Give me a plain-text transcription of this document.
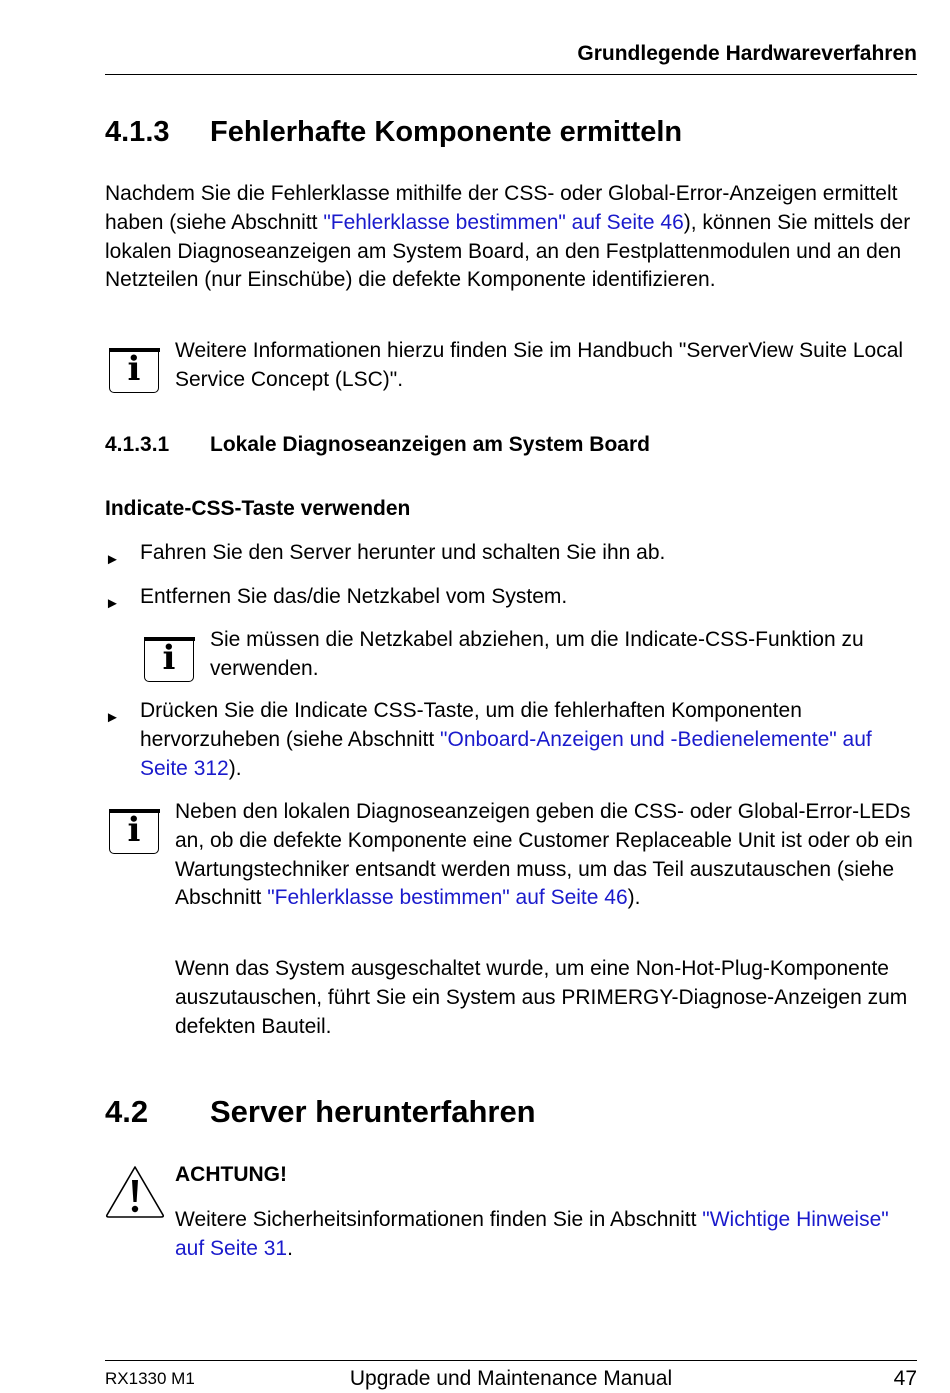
Grundlegende Hardwareverfahren
4.1.3 Fehlerhafte Komponente ermitteln
Nachdem Sie die Fehlerklasse mithilfe der CSS- oder Global-Error-Anzeigen ermittelt haben (siehe Abschnitt "Fehlerklasse bestimmen" auf Seite 46), können Sie mittels der lokalen Diagnoseanzeigen am System Board, an den Festplattenmodulen und an den Netzteilen (nur Einschübe) die defekte Komponente identifizieren.
i	Weitere Informationen hierzu finden Sie im Handbuch "ServerView Suite Local Service Concept (LSC)".
4.1.3.1 Lokale Diagnoseanzeigen am System Board
Indicate-CSS-Taste verwenden
► Fahren Sie den Server herunter und schalten Sie ihn ab.
► Entfernen Sie das/die Netzkabel vom System.
i	Sie müssen die Netzkabel abziehen, um die Indicate-CSS-Funktion zu verwenden.
► Drücken Sie die Indicate CSS-Taste, um die fehlerhaften Komponenten hervorzuheben (siehe Abschnitt "Onboard-Anzeigen und -Bedienelemente" auf Seite 312).
i	Neben den lokalen Diagnoseanzeigen geben die CSS- oder Global-Error-LEDs an, ob die defekte Komponente eine Customer Replaceable Unit ist oder ob ein Wartungstechniker entsandt werden muss, um das Teil auszutauschen (siehe Abschnitt "Fehlerklasse bestimmen" auf Seite 46).
Wenn das System ausgeschaltet wurde, um eine Non-Hot-Plug-Komponente auszutauschen, führt Sie ein System aus PRIMERGY-Diagnose-Anzeigen zum defekten Bauteil.
4.2 Server herunterfahren
ACHTUNG!
Weitere Sicherheitsinformationen finden Sie in Abschnitt "Wichtige Hinweise" auf Seite 31.
RX1330 M1	Upgrade und Maintenance Manual	47
